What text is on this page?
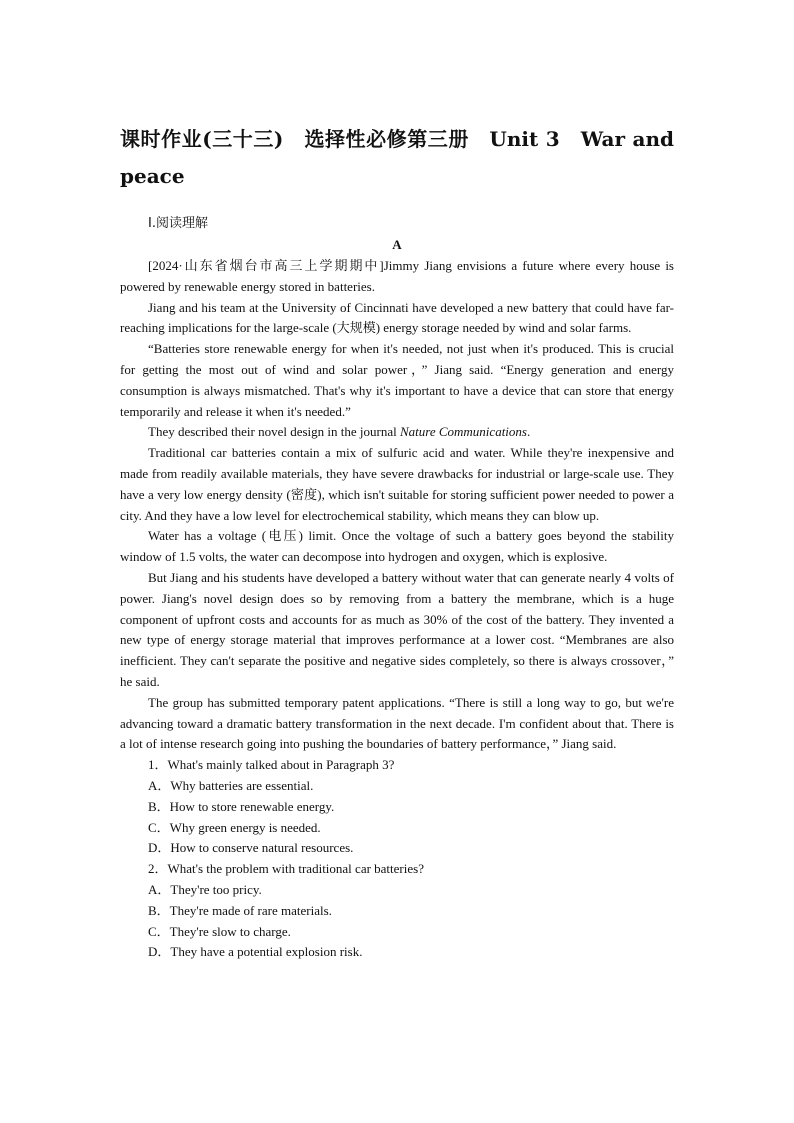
课时作业(三十三)　选择性必修第三册　Unit 3　War and
peace
Ⅰ.阅读理解
A

[2024·山东省烟台市高三上学期期中]Jimmy Jiang envisions a future where every house is powered by renewable energy stored in batteries.

Jiang and his team at the University of Cincinnati have developed a new battery that could have far-reaching implications for the large-scale (大规模) energy storage needed by wind and solar farms.

“Batteries store renewable energy for when it's needed, not just when it's produced. This is crucial for getting the most out of wind and solar power，” Jiang said. “Energy generation and energy consumption is always mismatched. That's why it's important to have a device that can store that energy temporarily and release it when it's needed.”

They described their novel design in the journal Nature Communications.

Traditional car batteries contain a mix of sulfuric acid and water. While they're inexpensive and made from readily available materials, they have severe drawbacks for industrial or large-scale use. They have a very low energy density (密度), which isn't suitable for storing sufficient power needed to power a city. And they have a low level for electrochemical stability, which means they can blow up.

Water has a voltage (电压) limit. Once the voltage of such a battery goes beyond the stability window of 1.5 volts, the water can decompose into hydrogen and oxygen, which is explosive.

But Jiang and his students have developed a battery without water that can generate nearly 4 volts of power. Jiang's novel design does so by removing from a battery the membrane, which is a huge component of upfront costs and accounts for as much as 30% of the cost of the battery. They invented a new type of energy storage material that improves performance at a lower cost. “Membranes are also inefficient. They can't separate the positive and negative sides completely, so there is always crossover，” he said.

The group has submitted temporary patent applications. “There is still a long way to go, but we're advancing toward a dramatic battery transformation in the next decade. I'm confident about that. There is a lot of intense research going into pushing the boundaries of battery performance，” Jiang said.

1．What's mainly talked about in Paragraph 3?
A．Why batteries are essential.
B．How to store renewable energy.
C．Why green energy is needed.
D．How to conserve natural resources.
2．What's the problem with traditional car batteries?
A．They're too pricy.
B．They're made of rare materials.
C．They're slow to charge.
D．They have a potential explosion risk.
